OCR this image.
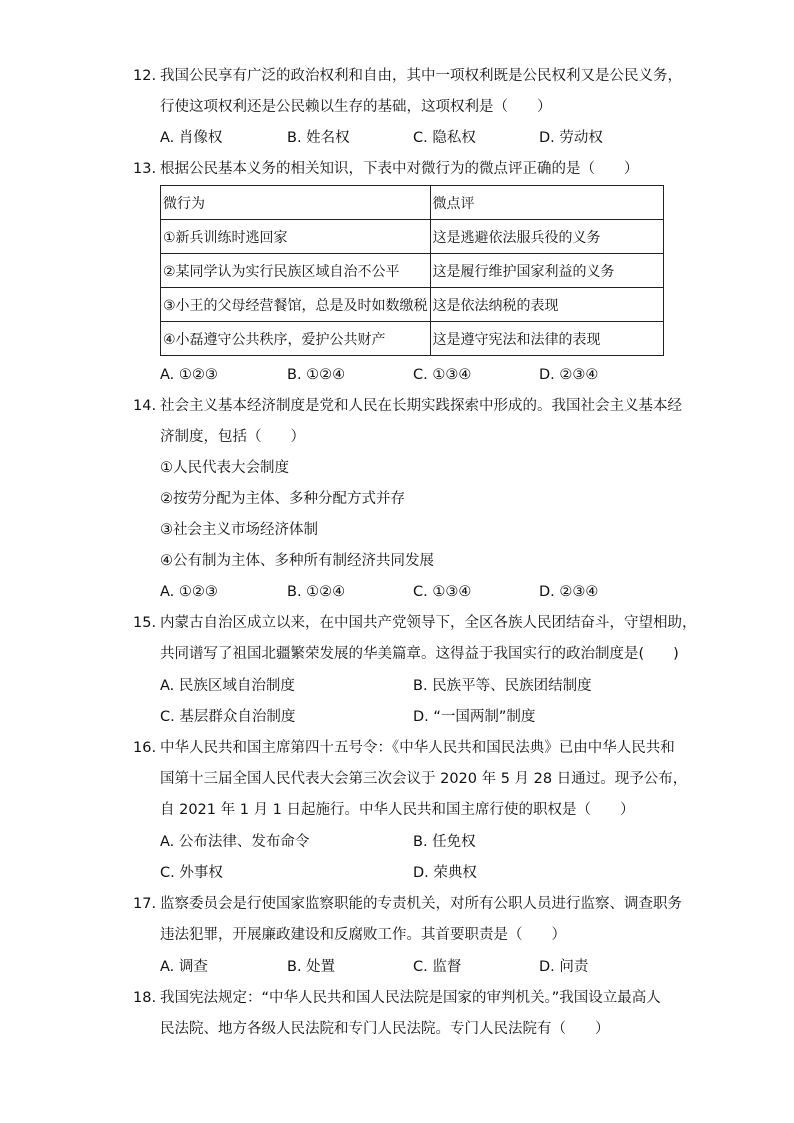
12. 我国公民享有广泛的政治权利和自由，其中一项权利既是公民权利又是公民义务，
行使这项权利还是公民赖以生存的基础，这项权利是（　　）
A. 肖像权	B. 姓名权	C. 隐私权	D. 劳动权
13. 根据公民基本义务的相关知识，下表中对微行为的微点评正确的是（　　）
微行为	微点评
①新兵训练时逃回家	这是逃避依法服兵役的义务
②某同学认为实行民族区域自治不公平	这是履行维护国家利益的义务
③小王的父母经营餐馆，总是及时如数缴税	这是依法纳税的表现
④小磊遵守公共秩序，爱护公共财产	这是遵守宪法和法律的表现
A. ①②③	B. ①②④	C. ①③④	D. ②③④
14. 社会主义基本经济制度是党和人民在长期实践探索中形成的。我国社会主义基本经
济制度，包括（　　）
①人民代表大会制度
②按劳分配为主体、多种分配方式并存
③社会主义市场经济体制
④公有制为主体、多种所有制经济共同发展
A. ①②③	B. ①②④	C. ①③④	D. ②③④
15. 内蒙古自治区成立以来，在中国共产党领导下，全区各族人民团结奋斗，守望相助，
共同谱写了祖国北疆繁荣发展的华美篇章。这得益于我国实行的政治制度是(　　)
A. 民族区域自治制度	B. 民族平等、民族团结制度
C. 基层群众自治制度	D. “一国两制”制度
16. 中华人民共和国主席第四十五号令：《中华人民共和国民法典》已由中华人民共和
国第十三届全国人民代表大会第三次会议于 2020 年 5 月 28 日通过。现予公布，
自 2021 年 1 月 1 日起施行。中华人民共和国主席行使的职权是（　　）
A. 公布法律、发布命令	B. 任免权
C. 外事权	D. 荣典权
17. 监察委员会是行使国家监察职能的专责机关，对所有公职人员进行监察、调查职务
违法犯罪，开展廉政建设和反腐败工作。其首要职责是（　　）
A. 调查	B. 处置	C. 监督	D. 问责
18. 我国宪法规定：“中华人民共和国人民法院是国家的审判机关。”我国设立最高人
民法院、地方各级人民法院和专门人民法院。专门人民法院有（　　）
